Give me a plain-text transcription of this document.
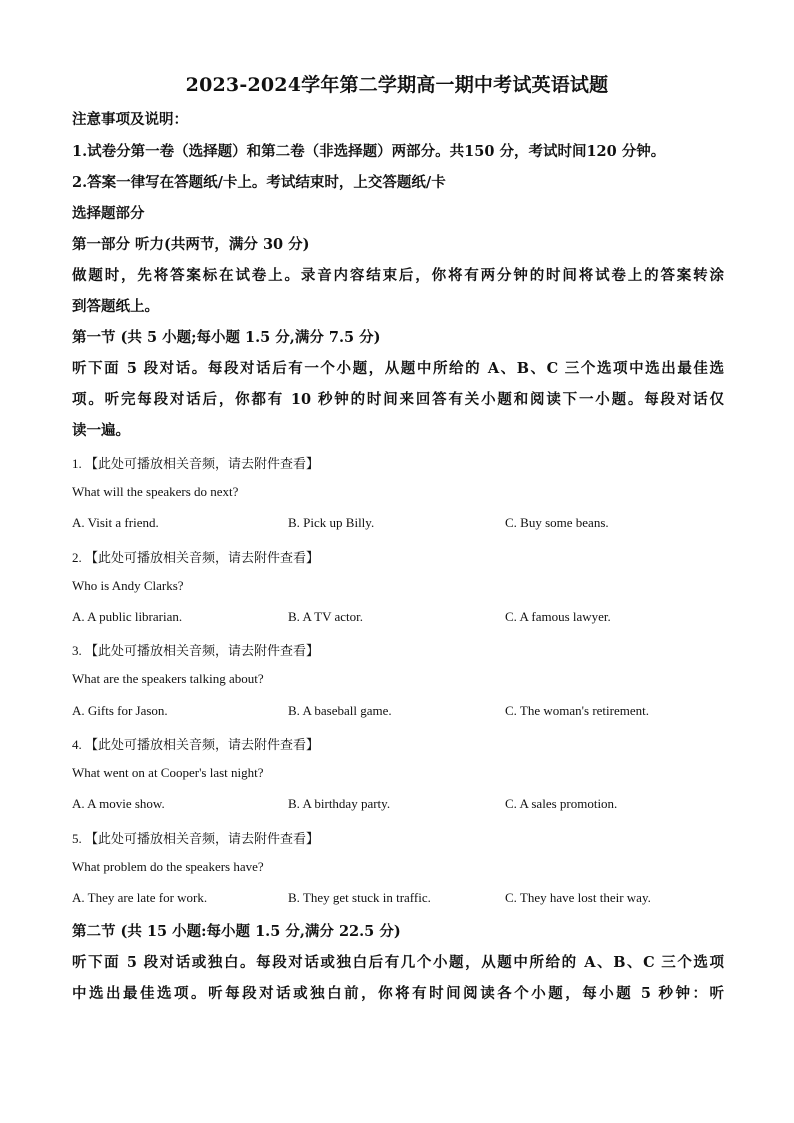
2023-2024学年第二学期高一期中考试英语试题
注意事项及说明：
1.试卷分第一卷（选择题）和第二卷（非选择题）两部分。共150 分，考试时间120 分钟。
2.答案一律写在答题纸/卡上。考试结束时，上交答题纸/卡
选择题部分
第一部分 听力(共两节，满分 30 分)
做题时，先将答案标在试卷上。录音内容结束后，你将有两分钟的时间将试卷上的答案转涂
到答题纸上。
第一节 (共 5 小题;每小题 1.5 分,满分 7.5 分)
听下面 5 段对话。每段对话后有一个小题，从题中所给的 A、B、C 三个选项中选出最佳选
项。听完每段对话后，你都有 10 秒钟的时间来回答有关小题和阅读下一小题。每段对话仅
读一遍。
1. 【此处可播放相关音频，请去附件查看】
What will the speakers do next?
A. Visit a friend.	B. Pick up Billy.	C. Buy some beans.
2. 【此处可播放相关音频，请去附件查看】
Who is Andy Clarks?
A. A public librarian.	B. A TV actor.	C. A famous lawyer.
3. 【此处可播放相关音频，请去附件查看】
What are the speakers talking about?
A. Gifts for Jason.	B. A baseball game.	C. The woman's retirement.
4. 【此处可播放相关音频，请去附件查看】
What went on at Cooper's last night?
A. A movie show.	B. A birthday party.	C. A sales promotion.
5. 【此处可播放相关音频，请去附件查看】
What problem do the speakers have?
A. They are late for work.	B. They get stuck in traffic.	C. They have lost their way.
第二节 (共 15 小题:每小题 1.5 分,满分 22.5 分)
听下面 5 段对话或独白。每段对话或独白后有几个小题，从题中所给的 A、B、C 三个选项
中选出最佳选项。听每段对话或独白前，你将有时间阅读各个小题，每小题 5 秒钟：听
